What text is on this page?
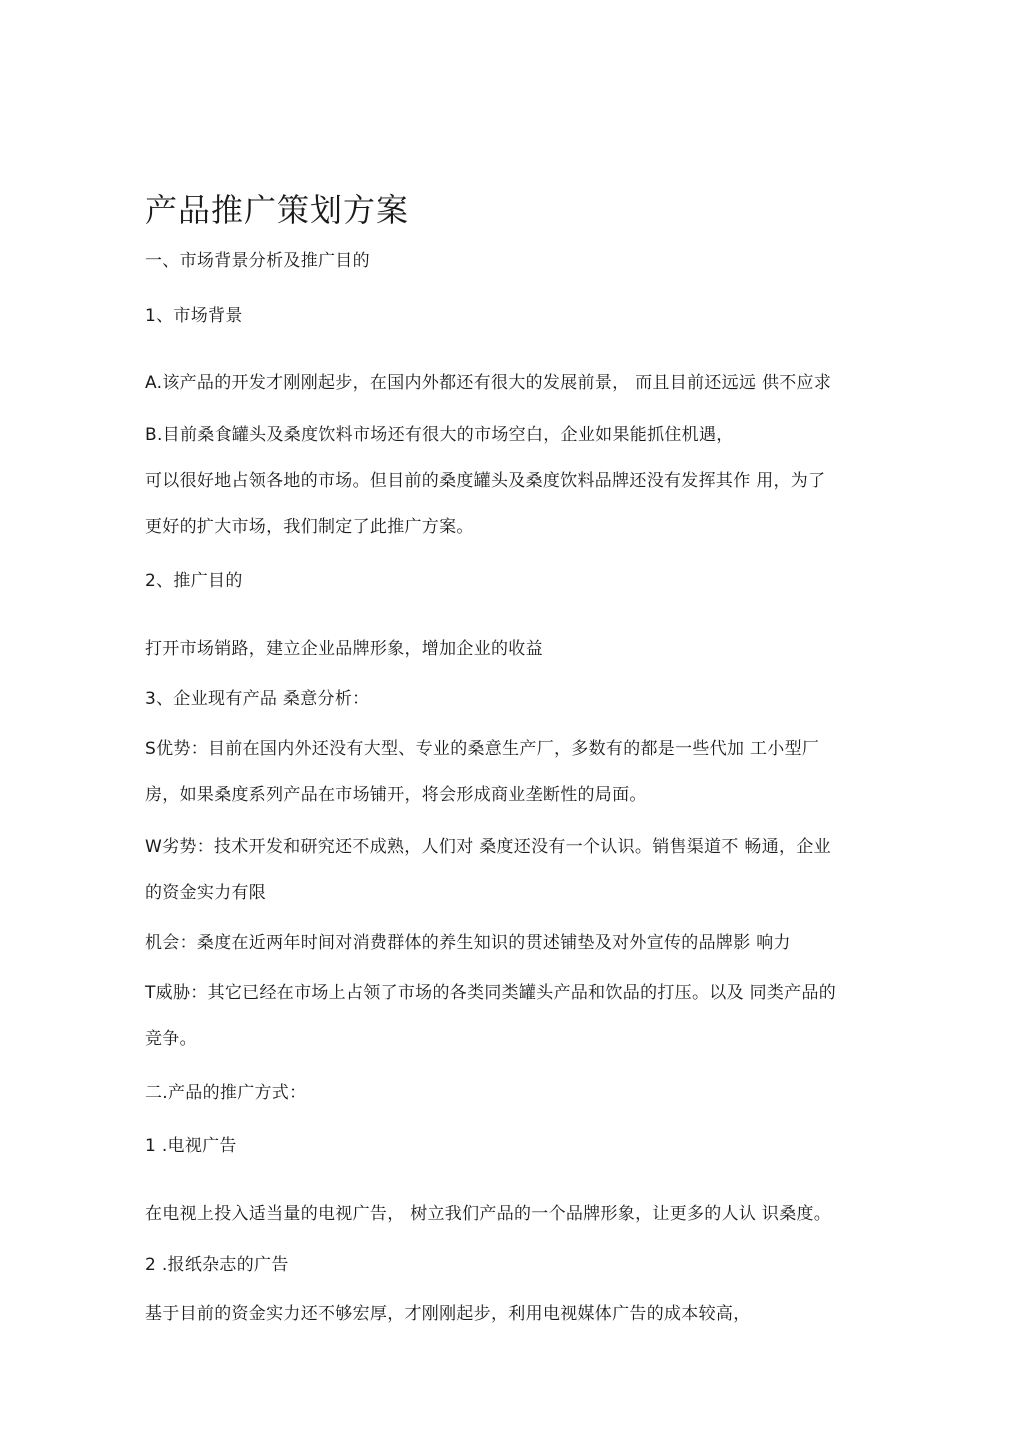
产品推广策划方案
一、市场背景分析及推广目的
1、市场背景
A.该产品的开发才刚刚起步，在国内外都还有很大的发展前景， 而且目前还远远 供不应求
B.目前桑食罐头及桑度饮料市场还有很大的市场空白，企业如果能抓住机遇，
可以很好地占领各地的市场。但目前的桑度罐头及桑度饮料品牌还没有发挥其作 用，为了
更好的扩大市场，我们制定了此推广方案。
2、推广目的
打开市场销路，建立企业品牌形象，增加企业的收益
3、企业现有产品 桑意分析：
S优势：目前在国内外还没有大型、专业的桑意生产厂，多数有的都是一些代加 工小型厂
房，如果桑度系列产品在市场铺开，将会形成商业垄断性的局面。
W劣势：技术开发和研究还不成熟，人们对 桑度还没有一个认识。销售渠道不 畅通，企业
的资金实力有限
机会：桑度在近两年时间对消费群体的养生知识的贯述铺垫及对外宣传的品牌影 响力
T威胁：其它已经在市场上占领了市场的各类同类罐头产品和饮品的打压。以及 同类产品的
竞争。
二.产品的推广方式：
1 .电视广告
在电视上投入适当量的电视广告， 树立我们产品的一个品牌形象，让更多的人认 识桑度。
2 .报纸杂志的广告
基于目前的资金实力还不够宏厚，才刚刚起步，利用电视媒体广告的成本较高，
